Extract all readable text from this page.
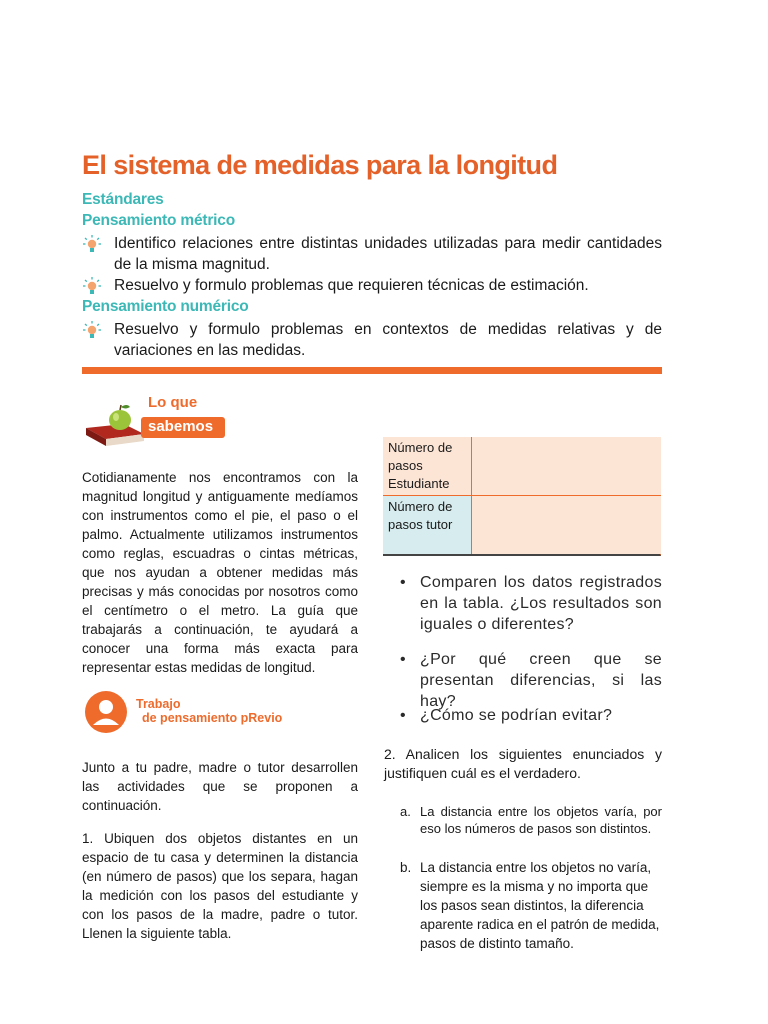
El sistema de medidas para la longitud
Estándares
Pensamiento métrico
Identifico relaciones entre distintas unidades utilizadas para medir cantidades de la misma magnitud.
Resuelvo y formulo problemas que requieren técnicas de estimación.
Pensamiento numérico
Resuelvo y formulo problemas en contextos de medidas relativas y de variaciones en las medidas.
Lo que
sabemos
Cotidianamente nos encontramos con la magnitud longitud y antiguamente medíamos con instrumentos como el pie, el paso o el palmo. Actualmente utilizamos instrumentos como reglas, escuadras o cintas métricas, que nos ayudan a obtener medidas más precisas y más conocidas por nosotros como el centímetro o el metro. La guía que trabajarás a continuación, te ayudará a conocer una forma más exacta para representar estas medidas de longitud.
Trabajo
de pensamiento pRevio
Junto a tu padre, madre o tutor desarrollen las actividades que se proponen a continuación.
1. Ubiquen dos objetos distantes en un espacio de tu casa y determinen la distancia (en número de pasos) que los separa, hagan la medición con los pasos del estudiante y con los pasos de la madre, padre o tutor. Llenen la siguiente tabla.
Número de pasos Estudiante	
Número de pasos tutor	
• Comparen los datos registrados en la tabla. ¿Los resultados son iguales o diferentes?
• ¿Por qué creen que se presentan diferencias, si las hay?
• ¿Cómo se podrían evitar?
2. Analicen los siguientes enunciados y justifiquen cuál es el verdadero.
a. La distancia entre los objetos varía, por eso los números de pasos son distintos.
b. La distancia entre los objetos no varía, siempre es la misma y no importa que los pasos sean distintos, la diferencia aparente radica en el patrón de medida, pasos de distinto tamaño.
